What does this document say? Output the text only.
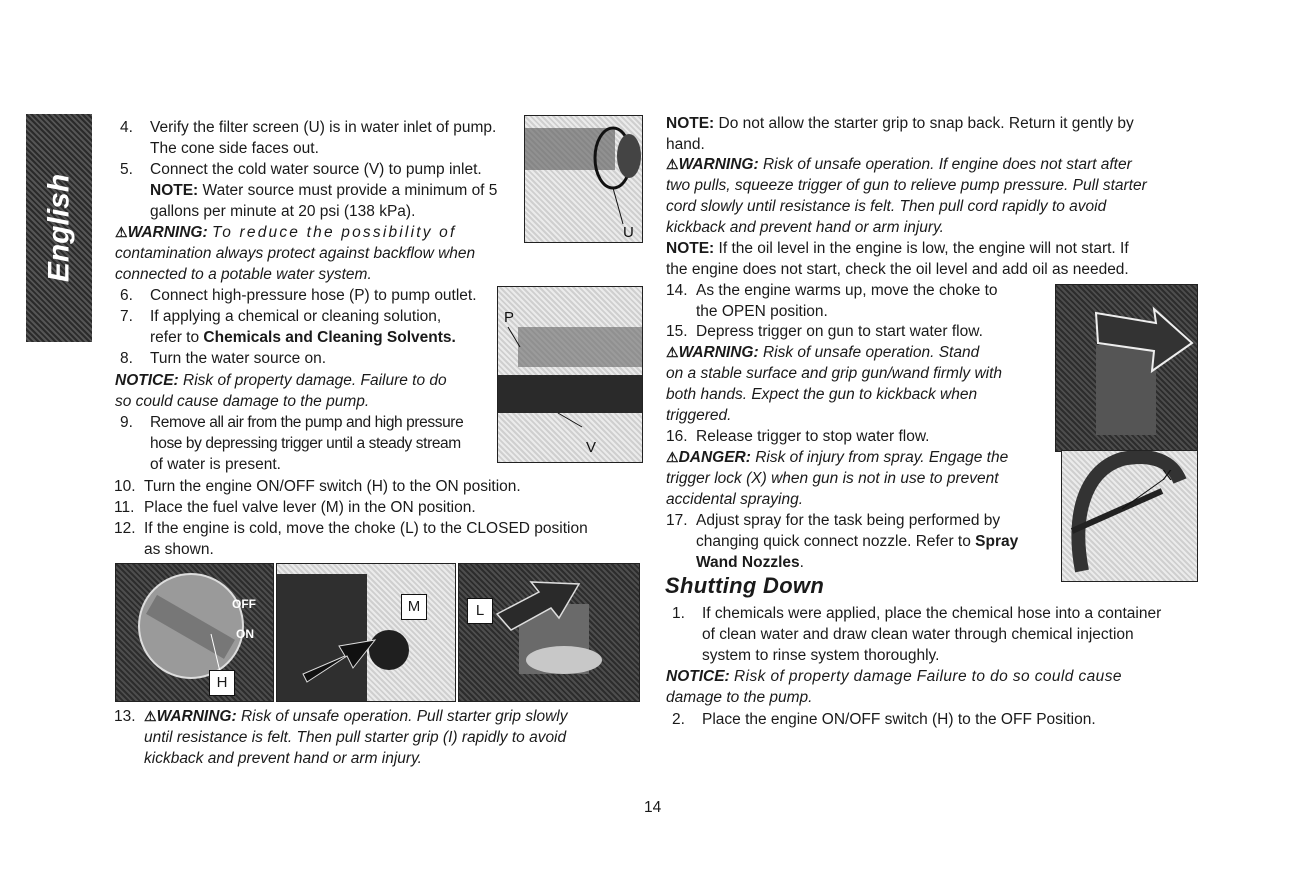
English
4. Verify the filter screen (U) is in water inlet of pump.
The cone side faces out.
5. Connect the cold water source (V) to pump inlet.
NOTE: Water source must provide a minimum of 5
gallons per minute at 20 psi (138 kPa).
⚠WARNING: To reduce the possibility of
contamination always protect against backflow when
connected to a potable water system.
U
6. Connect high-pressure hose (P) to pump outlet.
7. If applying a chemical or cleaning solution,
refer to Chemicals and Cleaning Solvents.
8. Turn the water source on.
NOTICE: Risk of property damage. Failure to do
so could cause damage to the pump.
P
V
9. Remove all air from the pump and high pressure
hose by depressing trigger until a steady stream
of water is present.
10. Turn the engine ON/OFF switch (H) to the ON position.
11. Place the fuel valve lever (M) in the ON position.
12. If the engine is cold, move the choke (L) to the CLOSED position
as shown.
OFF
ON
H
M	L
13. ⚠WARNING: Risk of unsafe operation. Pull starter grip slowly
until resistance is felt. Then pull starter grip (I) rapidly to avoid
kickback and prevent hand or arm injury.
NOTE: Do not allow the starter grip to snap back. Return it gently by
hand.
⚠WARNING: Risk of unsafe operation. If engine does not start after
two pulls, squeeze trigger of gun to relieve pump pressure. Pull starter
cord slowly until resistance is felt. Then pull cord rapidly to avoid
kickback and prevent hand or arm injury.
NOTE: If the oil level in the engine is low, the engine will not start. If
the engine does not start, check the oil level and add oil as needed.
14. As the engine warms up, move the choke to
the OPEN position.
15. Depress trigger on gun to start water flow.
⚠WARNING: Risk of unsafe operation. Stand
on a stable surface and grip gun/wand firmly with
both hands. Expect the gun to kickback when
triggered.
16. Release trigger to stop water flow.
⚠DANGER: Risk of injury from spray. Engage the
trigger lock (X) when gun is not in use to prevent
accidental spraying.
X
17. Adjust spray for the task being performed by
changing quick connect nozzle. Refer to Spray
Wand Nozzles.
Shutting Down
1. If chemicals were applied, place the chemical hose into a container
of clean water and draw clean water through chemical injection
system to rinse system thoroughly.
NOTICE: Risk of property damage Failure to do so could cause
damage to the pump.
2. Place the engine ON/OFF switch (H) to the OFF Position.
14
